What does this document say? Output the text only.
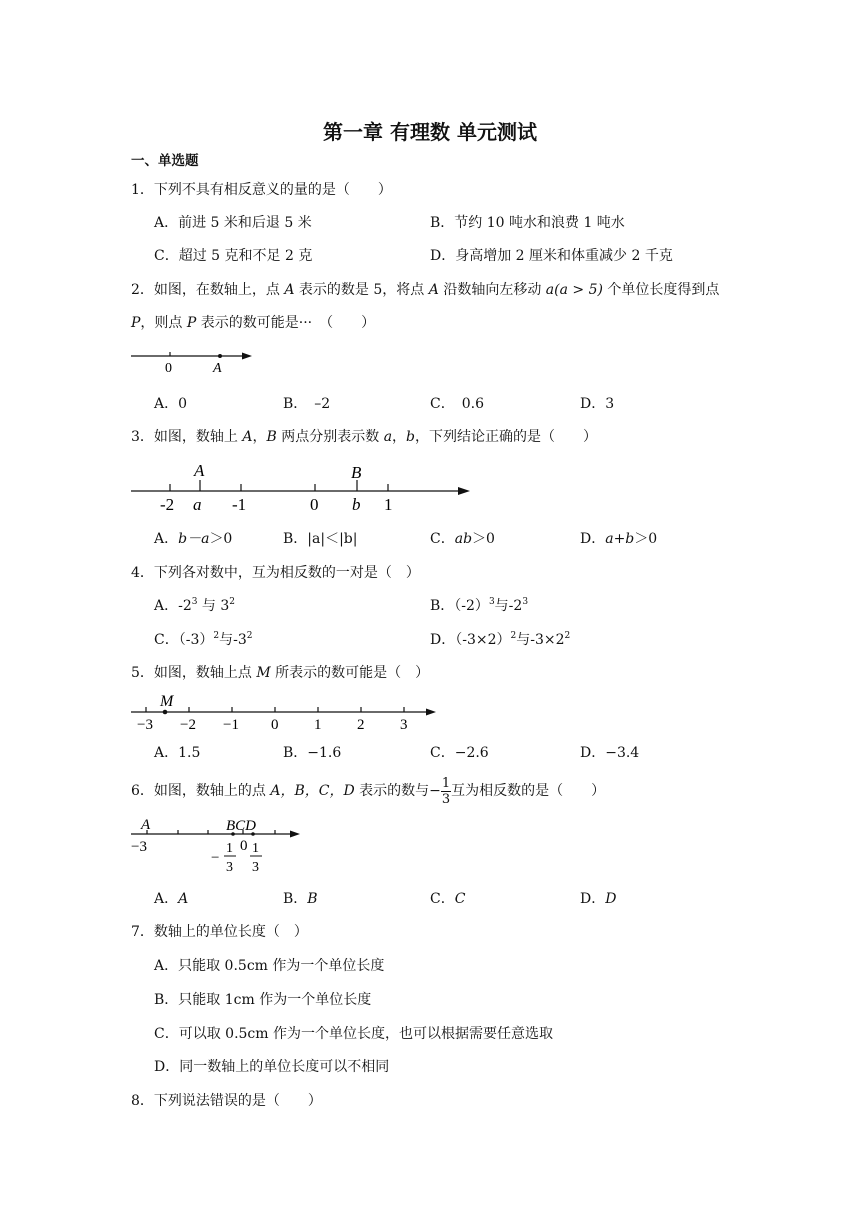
第一章 有理数 单元测试
一、单选题
1．下列不具有相反意义的量的是（　　）
A．前进 5 米和后退 5 米	B．节约 10 吨水和浪费 1 吨水
C．超过 5 克和不足 2 克	D．身高增加 2 厘米和体重减少 2 千克
2．如图，在数轴上，点 A 表示的数是 5，将点 A 沿数轴向左移动 a(a > 5) 个单位长度得到点
P，则点 P 表示的数可能是···　（　　）
0	A
A．0	B．　–2	C．　0.6	D．3
3．如图，数轴上 A，B 两点分别表示数 a，b，下列结论正确的是（　　）
A	B
-2 a -1	0 b 1
A．b－a＞0	B．|a|＜|b|	C．ab＞0	D．a+b＞0
4．下列各对数中，互为相反数的一对是（　）
A．$-2^3$ 与 $3^2$	B．$(-2)^3$与$-2^3$
C．$(-3)^2$与$-3^2$	D．$(-3\times 2)^2$与$-3\times 2^2$
5．如图，数轴上点 M 所表示的数可能是（　）
−3 −2 −1 0 1 2 3
M
A．1.5	B．−1.6	C．−2.6	D．−3.4
6．如图，数轴上的点 A，B，C，D 表示的数与− $\frac{1}{3}$ 互为相反数的是（　　）
A	BCD
−3	0
−
1
3
1
3
A．A	B．B	C．C	D．D
7．数轴上的单位长度（　）
A．只能取 0.5cm 作为一个单位长度
B．只能取 1cm 作为一个单位长度
C．可以取 0.5cm 作为一个单位长度，也可以根据需要任意选取
D．同一数轴上的单位长度可以不相同
8．下列说法错误的是（　　）
